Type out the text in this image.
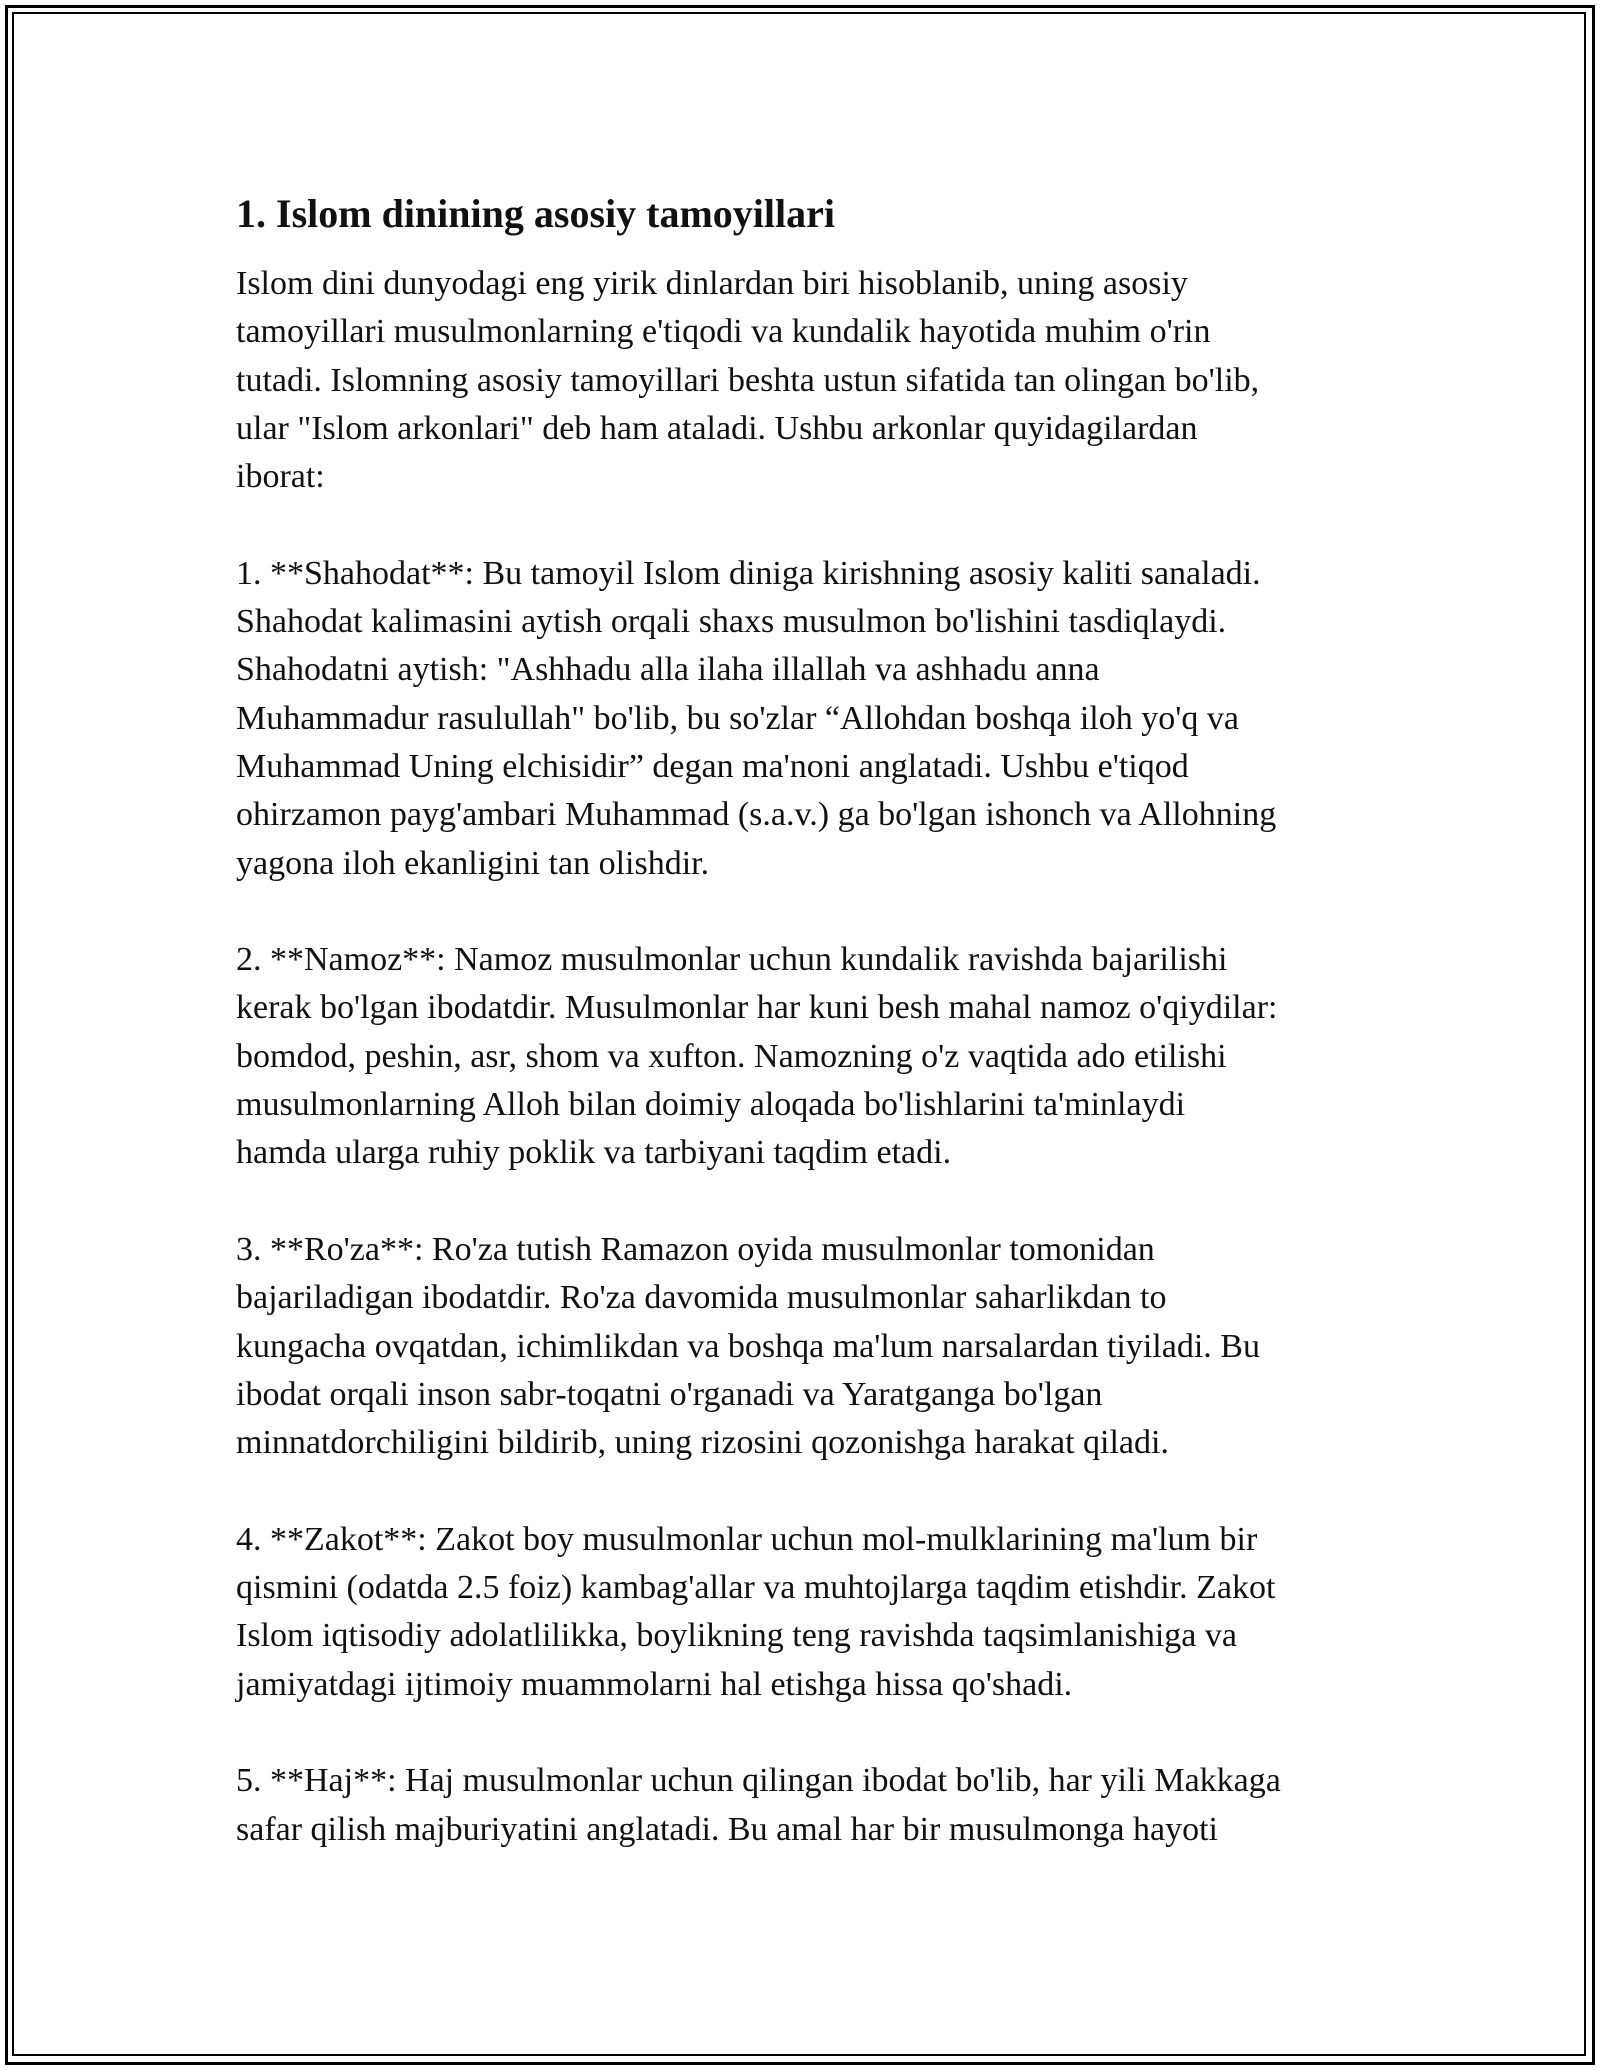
1. Islom dinining asosiy tamoyillari

Islom dini dunyodagi eng yirik dinlardan biri hisoblanib, uning asosiy
tamoyillari musulmonlarning e'tiqodi va kundalik hayotida muhim o'rin
tutadi. Islomning asosiy tamoyillari beshta ustun sifatida tan olingan bo'lib,
ular "Islom arkonlari" deb ham ataladi. Ushbu arkonlar quyidagilardan
iborat:

1. **Shahodat**: Bu tamoyil Islom diniga kirishning asosiy kaliti sanaladi.
Shahodat kalimasini aytish orqali shaxs musulmon bo'lishini tasdiqlaydi.
Shahodatni aytish: "Ashhadu alla ilaha illallah va ashhadu anna
Muhammadur rasulullah" bo'lib, bu so'zlar “Allohdan boshqa iloh yo'q va
Muhammad Uning elchisidir” degan ma'noni anglatadi. Ushbu e'tiqod
ohirzamon payg'ambari Muhammad (s.a.v.) ga bo'lgan ishonch va Allohning
yagona iloh ekanligini tan olishdir.

2. **Namoz**: Namoz musulmonlar uchun kundalik ravishda bajarilishi
kerak bo'lgan ibodatdir. Musulmonlar har kuni besh mahal namoz o'qiydilar:
bomdod, peshin, asr, shom va xufton. Namozning o'z vaqtida ado etilishi
musulmonlarning Alloh bilan doimiy aloqada bo'lishlarini ta'minlaydi
hamda ularga ruhiy poklik va tarbiyani taqdim etadi.

3. **Ro'za**: Ro'za tutish Ramazon oyida musulmonlar tomonidan
bajariladigan ibodatdir. Ro'za davomida musulmonlar saharlikdan to
kungacha ovqatdan, ichimlikdan va boshqa ma'lum narsalardan tiyiladi. Bu
ibodat orqali inson sabr-toqatni o'rganadi va Yaratganga bo'lgan
minnatdorchiligini bildirib, uning rizosini qozonishga harakat qiladi.

4. **Zakot**: Zakot boy musulmonlar uchun mol-mulklarining ma'lum bir
qismini (odatda 2.5 foiz) kambag'allar va muhtojlarga taqdim etishdir. Zakot
Islom iqtisodiy adolatlilikka, boylikning teng ravishda taqsimlanishiga va
jamiyatdagi ijtimoiy muammolarni hal etishga hissa qo'shadi.

5. **Haj**: Haj musulmonlar uchun qilingan ibodat bo'lib, har yili Makkaga
safar qilish majburiyatini anglatadi. Bu amal har bir musulmonga hayoti
